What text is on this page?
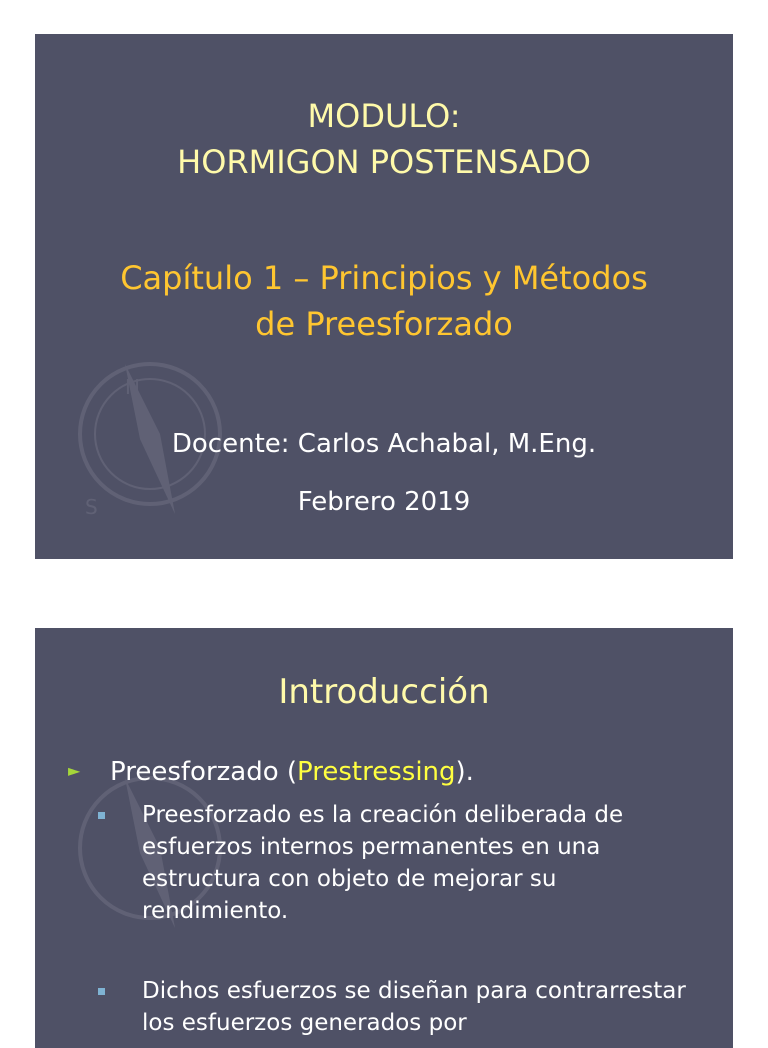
N
S
MODULO:
HORMIGON POSTENSADO
Capítulo 1 – Principios y Métodos
de Preesforzado
Docente: Carlos Achabal, M.Eng.
Febrero 2019
Introducción
► Preesforzado (Prestressing).
Preesforzado es la creación deliberada de esfuerzos internos permanentes en una estructura con objeto de mejorar su rendimiento.
Dichos esfuerzos se diseñan para contrarrestar los esfuerzos generados por
